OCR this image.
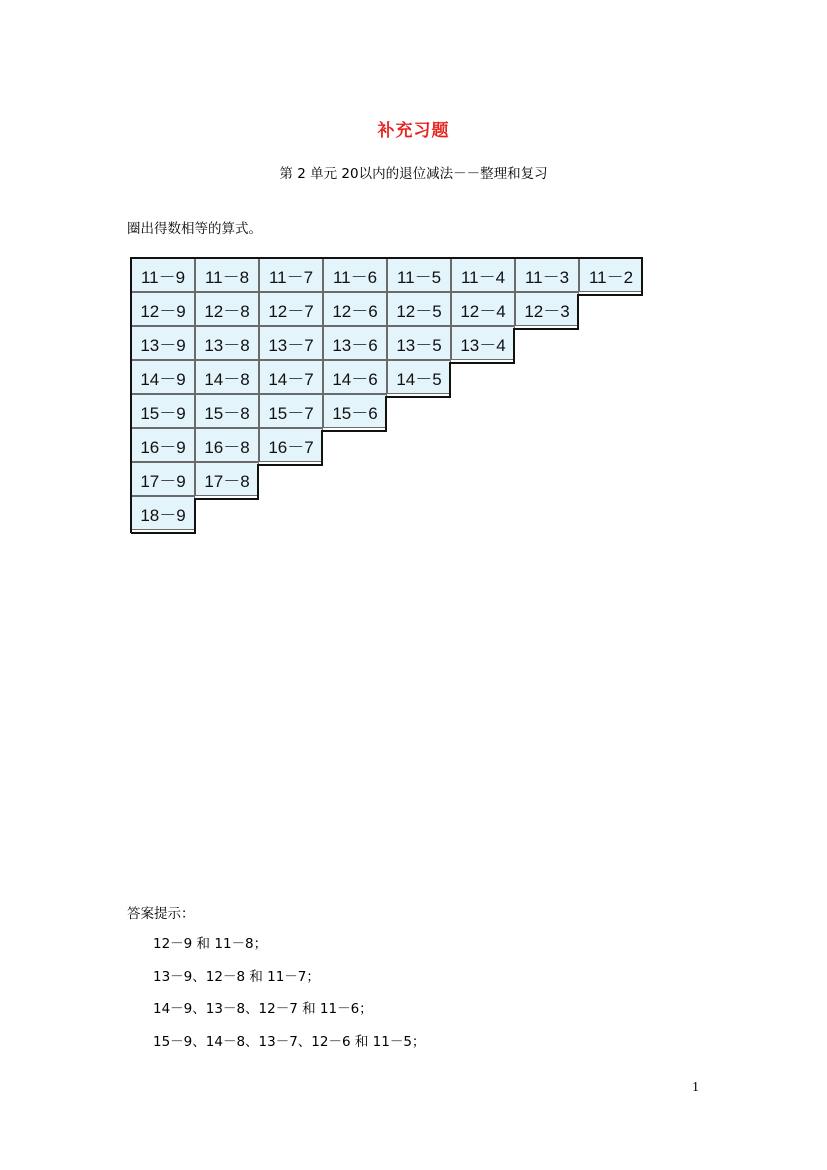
补充习题
第 2 单元 20以内的退位减法－－整理和复习
圈出得数相等的算式。
11－9	11－8	11－7	11－6	11－5	11－4	11－3	11－2
12－9	12－8	12－7	12－6	12－5	12－4	12－3
13－9	13－8	13－7	13－6	13－5	13－4
14－9	14－8	14－7	14－6	14－5
15－9	15－8	15－7	15－6
16－9	16－8	16－7
17－9	17－8
18－9
答案提示：
12－9 和 11－8；
13－9、12－8 和 11－7；
14－9、13－8、12－7 和 11－6；
15－9、14－8、13－7、12－6 和 11－5；
1
